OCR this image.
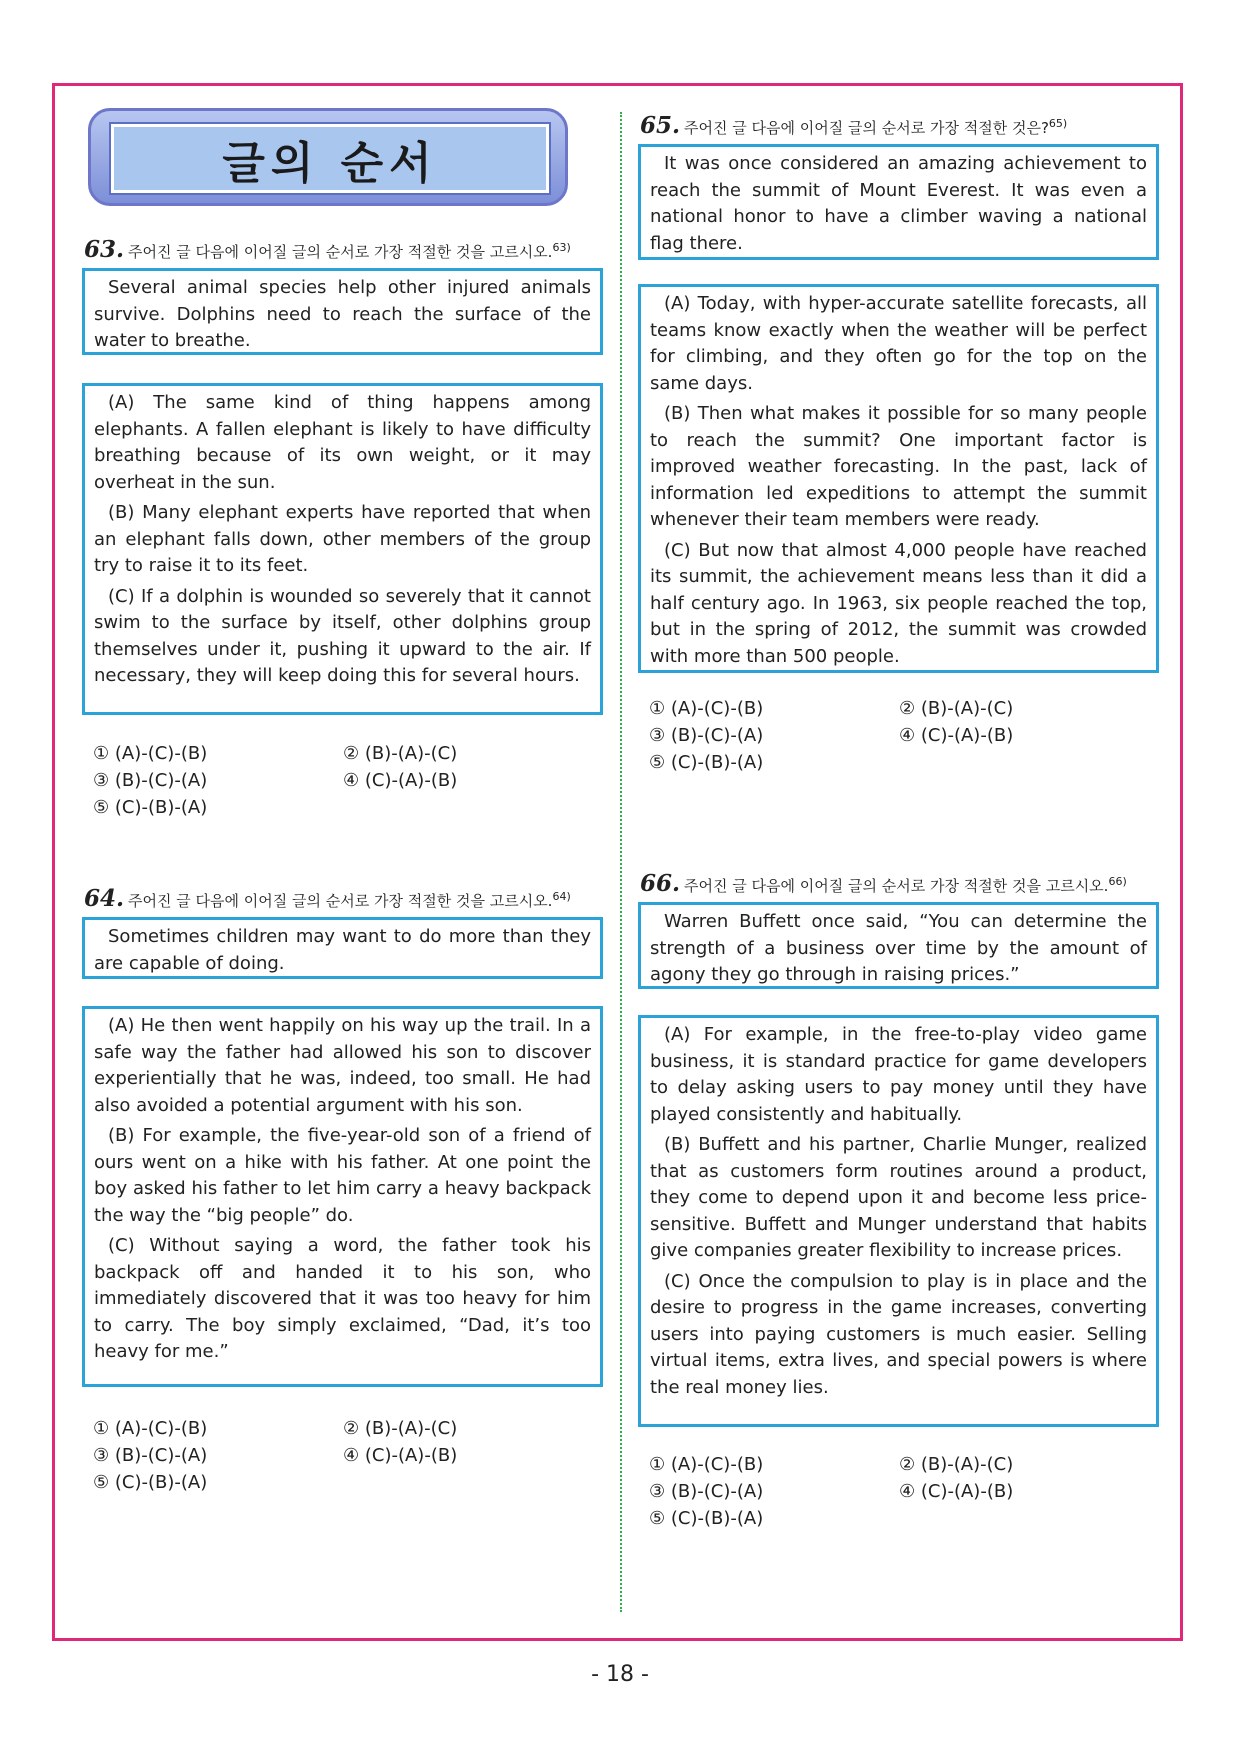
글의 순서
63. 주어진 글 다음에 이어질 글의 순서로 가장 적절한 것을 고르시오.$^{63)}$

Several animal species help other injured animals survive. Dolphins need to reach the surface of the water to breathe.

(A) The same kind of thing happens among elephants. A fallen elephant is likely to have difficulty breathing because of its own weight, or it may overheat in the sun.

(B) Many elephant experts have reported that when an elephant falls down, other members of the group try to raise it to its feet.

(C) If a dolphin is wounded so severely that it cannot swim to the surface by itself, other dolphins group themselves under it, pushing it upward to the air. If necessary, they will keep doing this for several hours.

① (A)-(C)-(B)	② (B)-(A)-(C)
③ (B)-(C)-(A)	④ (C)-(A)-(B)
⑤ (C)-(B)-(A)
64. 주어진 글 다음에 이어질 글의 순서로 가장 적절한 것을 고르시오.$^{64)}$

Sometimes children may want to do more than they are capable of doing.

(A) He then went happily on his way up the trail. In a safe way the father had allowed his son to discover experientially that he was, indeed, too small. He had also avoided a potential argument with his son.

(B) For example, the five-year-old son of a friend of ours went on a hike with his father. At one point the boy asked his father to let him carry a heavy backpack the way the “big people” do.

(C) Without saying a word, the father took his backpack off and handed it to his son, who immediately discovered that it was too heavy for him to carry. The boy simply exclaimed, “Dad, it’s too heavy for me.”

① (A)-(C)-(B)	② (B)-(A)-(C)
③ (B)-(C)-(A)	④ (C)-(A)-(B)
⑤ (C)-(B)-(A)
65. 주어진 글 다음에 이어질 글의 순서로 가장 적절한 것은?$^{65)}$

It was once considered an amazing achievement to reach the summit of Mount Everest. It was even a national honor to have a climber waving a national flag there.

(A) Today, with hyper-accurate satellite forecasts, all teams know exactly when the weather will be perfect for climbing, and they often go for the top on the same days.

(B) Then what makes it possible for so many people to reach the summit? One important factor is improved weather forecasting. In the past, lack of information led expeditions to attempt the summit whenever their team members were ready.

(C) But now that almost 4,000 people have reached its summit, the achievement means less than it did a half century ago. In 1963, six people reached the top, but in the spring of 2012, the summit was crowded with more than 500 people.

① (A)-(C)-(B)	② (B)-(A)-(C)
③ (B)-(C)-(A)	④ (C)-(A)-(B)
⑤ (C)-(B)-(A)
66. 주어진 글 다음에 이어질 글의 순서로 가장 적절한 것을 고르시오.$^{66)}$

Warren Buffett once said, “You can determine the strength of a business over time by the amount of agony they go through in raising prices.”

(A) For example, in the free-to-play video game business, it is standard practice for game developers to delay asking users to pay money until they have played consistently and habitually.

(B) Buffett and his partner, Charlie Munger, realized that as customers form routines around a product, they come to depend upon it and become less price-sensitive. Buffett and Munger understand that habits give companies greater flexibility to increase prices.

(C) Once the compulsion to play is in place and the desire to progress in the game increases, converting users into paying customers is much easier. Selling virtual items, extra lives, and special powers is where the real money lies.

① (A)-(C)-(B)	② (B)-(A)-(C)
③ (B)-(C)-(A)	④ (C)-(A)-(B)
⑤ (C)-(B)-(A)
- 18 -
